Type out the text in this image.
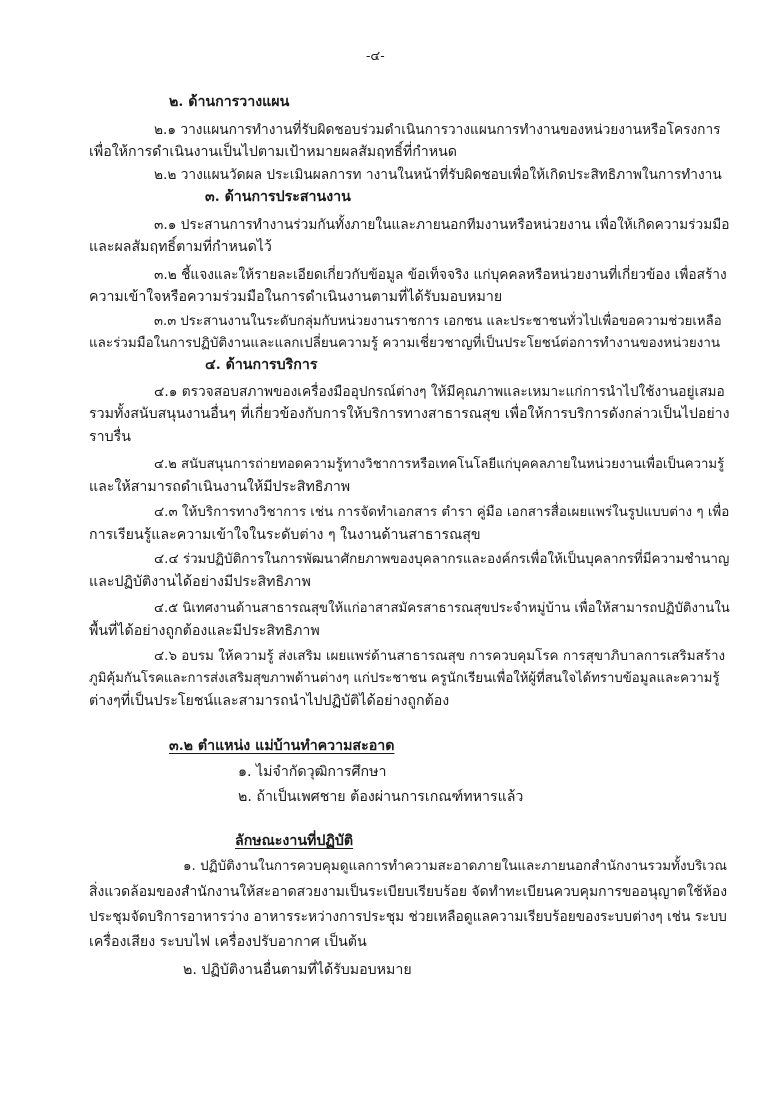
-๔-
๒. ด้านการวางแผน
๒.๑ วางแผนการทำงานที่รับผิดชอบร่วมดำเนินการวางแผนการทำงานของหน่วยงานหรือโครงการ
เพื่อให้การดำเนินงานเป็นไปตามเป้าหมายผลสัมฤทธิ์ที่กำหนด
๒.๒ วางแผนวัดผล ประเมินผลการท างานในหน้าที่รับผิดชอบเพื่อให้เกิดประสิทธิภาพในการทำงาน
๓. ด้านการประสานงาน
๓.๑ ประสานการทำงานร่วมกันทั้งภายในและภายนอกทีมงานหรือหน่วยงาน เพื่อให้เกิดความร่วมมือ
และผลสัมฤทธิ์ตามที่กำหนดไว้
๓.๒ ชี้แจงและให้รายละเอียดเกี่ยวกับข้อมูล ข้อเท็จจริง แก่บุคคลหรือหน่วยงานที่เกี่ยวข้อง เพื่อสร้าง
ความเข้าใจหรือความร่วมมือในการดำเนินงานตามที่ได้รับมอบหมาย
๓.๓ ประสานงานในระดับกลุ่มกับหน่วยงานราชการ เอกชน และประชาชนทั่วไปเพื่อขอความช่วยเหลือ
และร่วมมือในการปฏิบัติงานและแลกเปลี่ยนความรู้ ความเชี่ยวชาญที่เป็นประโยชน์ต่อการทำงานของหน่วยงาน
๔. ด้านการบริการ
๔.๑ ตรวจสอบสภาพของเครื่องมืออุปกรณ์ต่างๆ ให้มีคุณภาพและเหมาะแก่การนำไปใช้งานอยู่เสมอ
รวมทั้งสนับสนุนงานอื่นๆ ที่เกี่ยวข้องกับการให้บริการทางสาธารณสุข เพื่อให้การบริการดังกล่าวเป็นไปอย่าง
ราบรื่น
๔.๒ สนับสนุนการถ่ายทอดความรู้ทางวิชาการหรือเทคโนโลยีแก่บุคคลภายในหน่วยงานเพื่อเป็นความรู้
และให้สามารถดำเนินงานให้มีประสิทธิภาพ
๔.๓ ให้บริการทางวิชาการ เช่น การจัดทำเอกสาร ตำรา คู่มือ เอกสารสื่อเผยแพร่ในรูปแบบต่าง ๆ เพื่อ
การเรียนรู้และความเข้าใจในระดับต่าง ๆ ในงานด้านสาธารณสุข
๔.๔ ร่วมปฏิบัติการในการพัฒนาศักยภาพของบุคลากรและองค์กรเพื่อให้เป็นบุคลากรที่มีความชำนาญ
และปฏิบัติงานได้อย่างมีประสิทธิภาพ
๔.๕ นิเทศงานด้านสาธารณสุขให้แก่อาสาสมัครสาธารณสุขประจำหมู่บ้าน เพื่อให้สามารถปฏิบัติงานใน
พื้นที่ได้อย่างถูกต้องและมีประสิทธิภาพ
๔.๖ อบรม ให้ความรู้ ส่งเสริม เผยแพร่ด้านสาธารณสุข การควบคุมโรค การสุขาภิบาลการเสริมสร้าง
ภูมิคุ้มกันโรคและการส่งเสริมสุขภาพด้านต่างๆ แก่ประชาชน ครูนักเรียนเพื่อให้ผู้ที่สนใจได้ทราบข้อมูลและความรู้
ต่างๆที่เป็นประโยชน์และสามารถนำไปปฏิบัติได้อย่างถูกต้อง
๓.๒ ตำแหน่ง แม่บ้านทำความสะอาด
๑. ไม่จำกัดวุฒิการศึกษา
๒. ถ้าเป็นเพศชาย ต้องผ่านการเกณฑ์ทหารแล้ว
ลักษณะงานที่ปฏิบัติ
๑. ปฏิบัติงานในการควบคุมดูแลการทำความสะอาดภายในและภายนอกสำนักงานรวมทั้งบริเวณ
สิ่งแวดล้อมของสำนักงานให้สะอาดสวยงามเป็นระเบียบเรียบร้อย จัดทำทะเบียนควบคุมการขออนุญาตใช้ห้อง
ประชุมจัดบริการอาหารว่าง อาหารระหว่างการประชุม ช่วยเหลือดูแลความเรียบร้อยของระบบต่างๆ เช่น ระบบ
เครื่องเสียง ระบบไฟ เครื่องปรับอากาศ เป็นต้น
๒. ปฏิบัติงานอื่นตามที่ได้รับมอบหมาย
